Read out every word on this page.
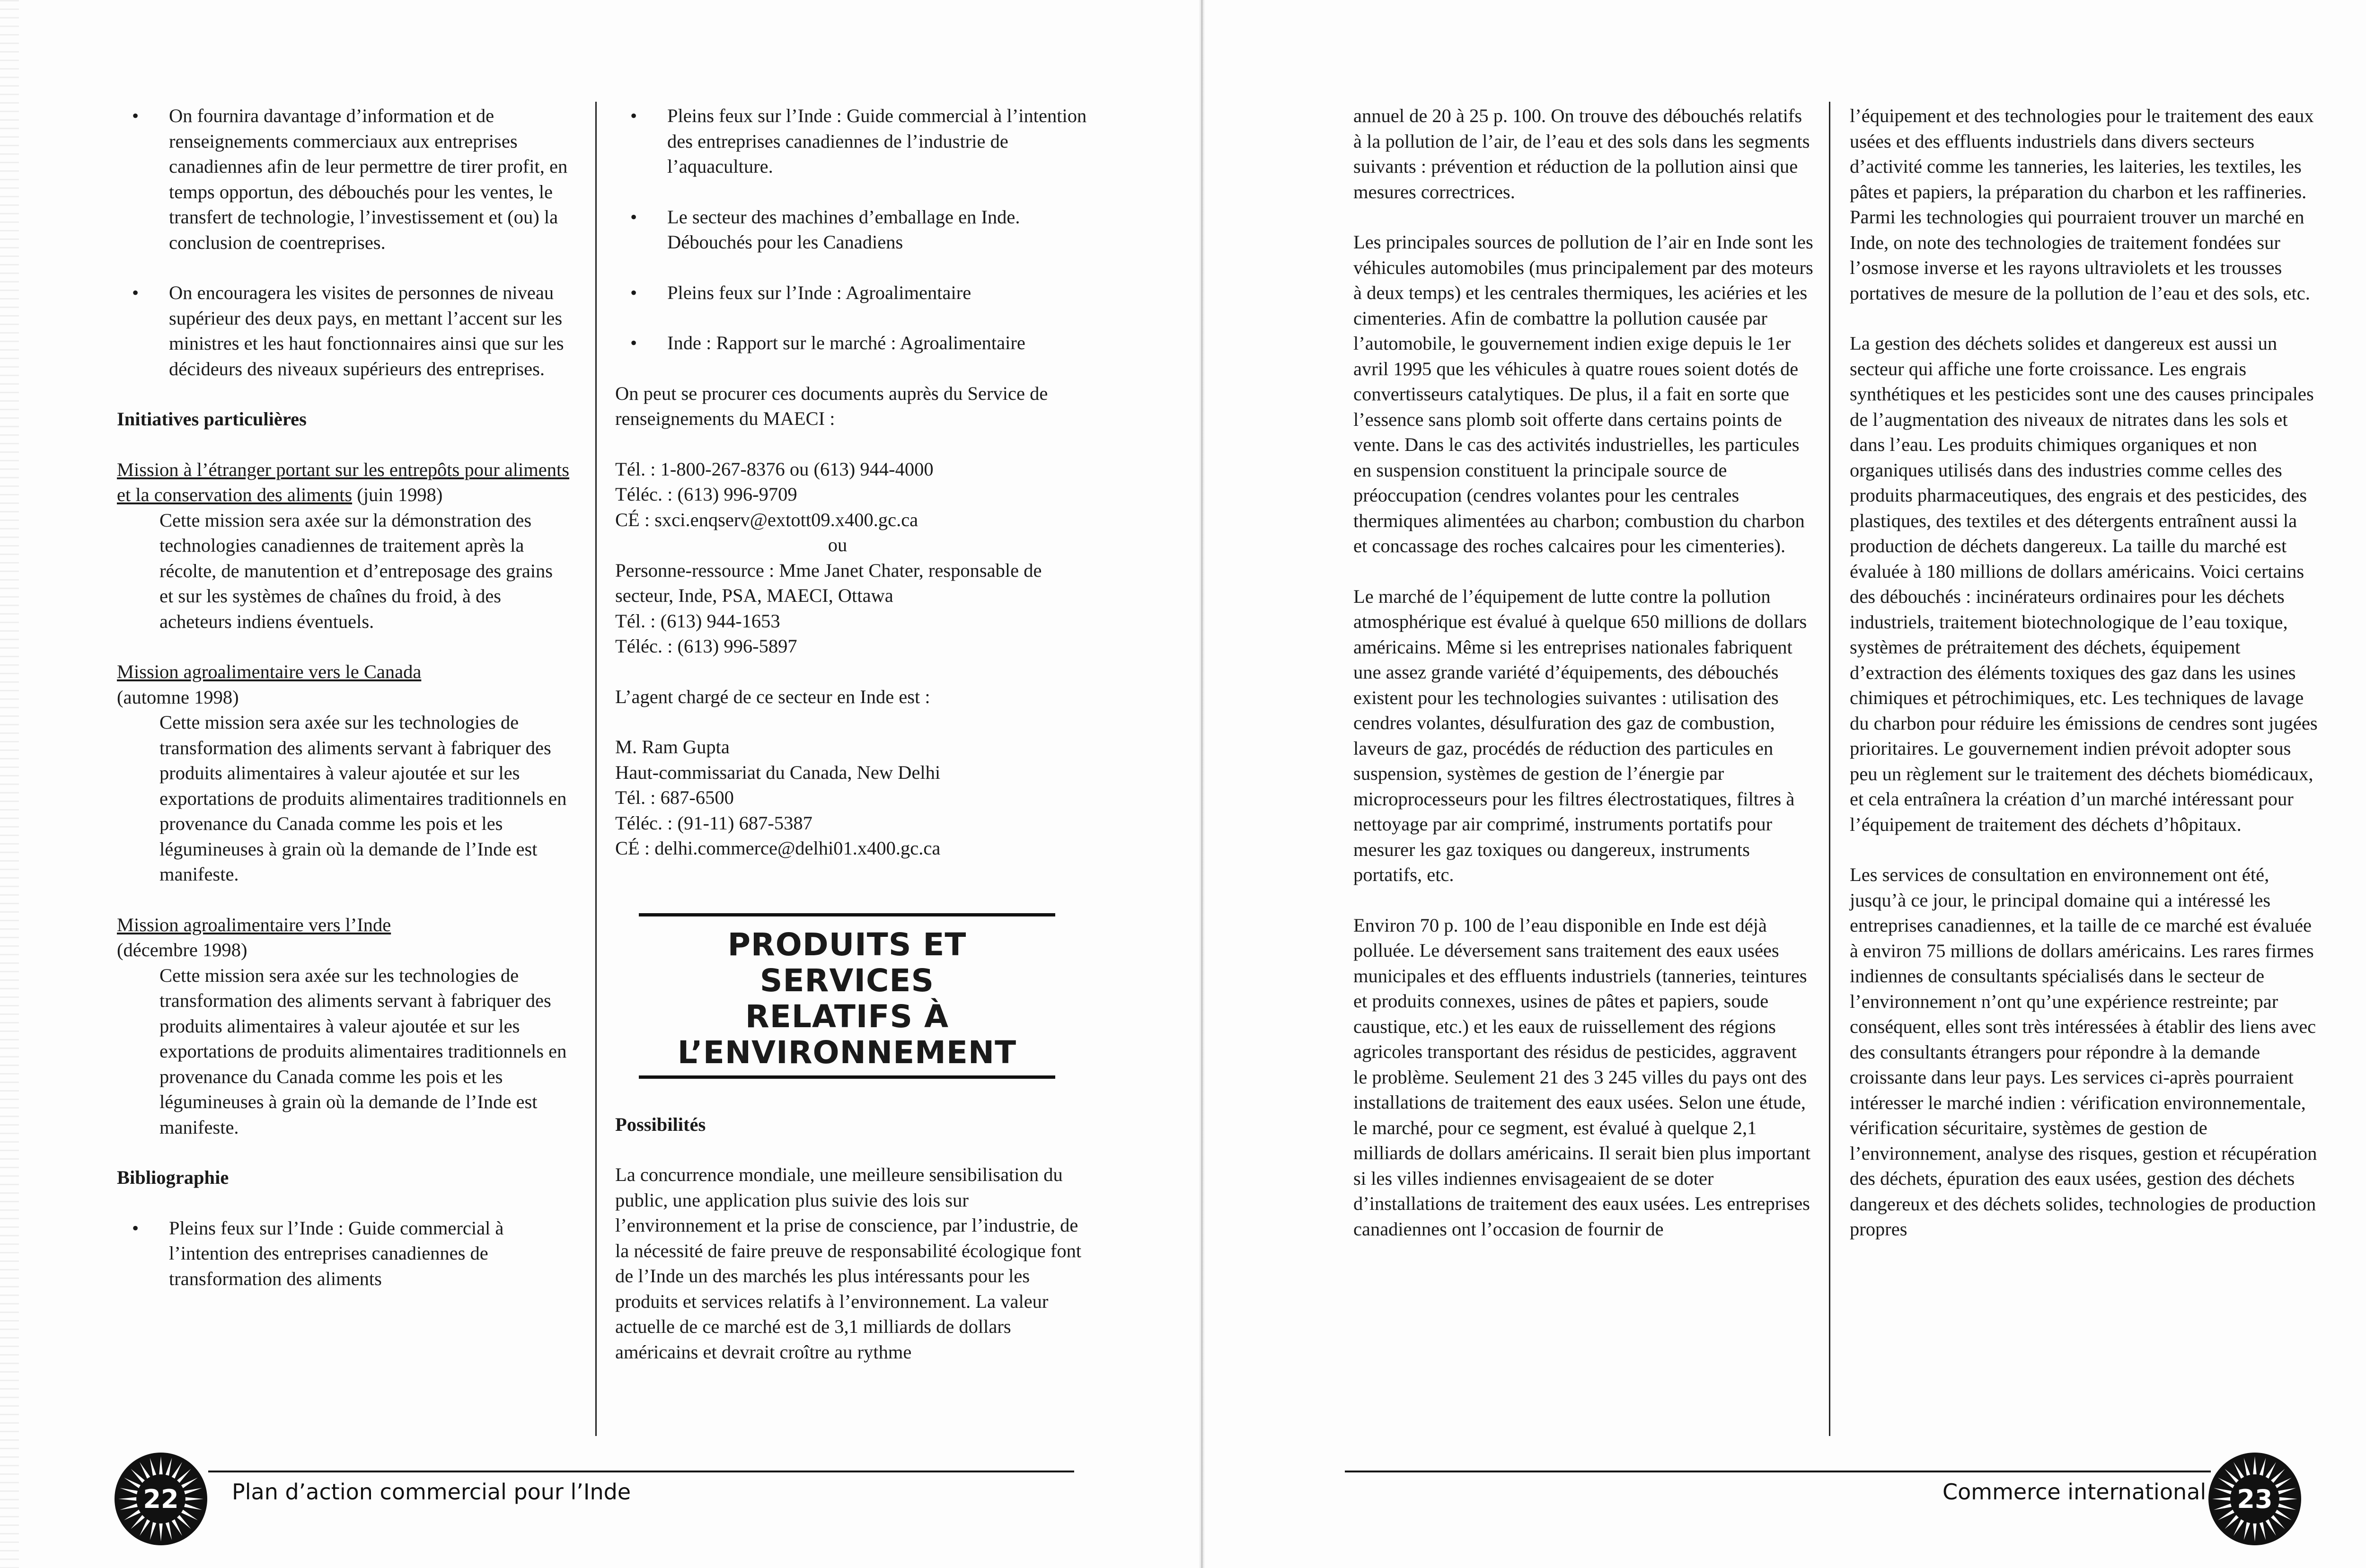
• On fournira davantage d’information et de renseignements commerciaux aux entreprises canadiennes afin de leur permettre de tirer profit, en temps opportun, des débouchés pour les ventes, le transfert de technologie, l’investissement et (ou) la conclusion de coentreprises.
• On encouragera les visites de personnes de niveau supérieur des deux pays, en mettant l’accent sur les ministres et les haut fonctionnaires ainsi que sur les décideurs des niveaux supérieurs des entreprises.
Initiatives particulières
Mission à l’étranger portant sur les entrepôts pour aliments et la conservation des aliments (juin 1998)
Cette mission sera axée sur la démonstration des technologies canadiennes de traitement après la récolte, de manutention et d’entreposage des grains et sur les systèmes de chaînes du froid, à des acheteurs indiens éventuels.
Mission agroalimentaire vers le Canada
(automne 1998)
Cette mission sera axée sur les technologies de transformation des aliments servant à fabriquer des produits alimentaires à valeur ajoutée et sur les exportations de produits alimentaires traditionnels en provenance du Canada comme les pois et les légumineuses à grain où la demande de l’Inde est manifeste.
Mission agroalimentaire vers l’Inde
(décembre 1998)
Cette mission sera axée sur les technologies de transformation des aliments servant à fabriquer des produits alimentaires à valeur ajoutée et sur les exportations de produits alimentaires traditionnels en provenance du Canada comme les pois et les légumineuses à grain où la demande de l’Inde est manifeste.
Bibliographie
• Pleins feux sur l’Inde : Guide commercial à l’intention des entreprises canadiennes de transformation des aliments
• Pleins feux sur l’Inde : Guide commercial à l’intention des entreprises canadiennes de l’industrie de l’aquaculture.
• Le secteur des machines d’emballage en Inde. Débouchés pour les Canadiens
• Pleins feux sur l’Inde : Agroalimentaire
• Inde : Rapport sur le marché : Agroalimentaire

On peut se procurer ces documents auprès du Service de renseignements du MAECI :

Tél. : 1-800-267-8376 ou (613) 944-4000
Téléc. : (613) 996-9709
CÉ : sxci.enqserv@extott09.x400.gc.ca
ou
Personne-ressource : Mme Janet Chater, responsable de secteur, Inde, PSA, MAECI, Ottawa
Tél. : (613) 944-1653
Téléc. : (613) 996-5897

L’agent chargé de ce secteur en Inde est :

M. Ram Gupta
Haut-commissariat du Canada, New Delhi
Tél. : 687-6500
Téléc. : (91-11) 687-5387
CÉ : delhi.commerce@delhi01.x400.gc.ca
PRODUITS ET SERVICES
RELATIFS À
L’ENVIRONNEMENT
Possibilités

La concurrence mondiale, une meilleure sensibilisation du public, une application plus suivie des lois sur l’environnement et la prise de conscience, par l’industrie, de la nécessité de faire preuve de responsabilité écologique font de l’Inde un des marchés les plus intéressants pour les produits et services relatifs à l’environnement. La valeur actuelle de ce marché est de 3,1 milliards de dollars américains et devrait croître au rythme

22	Plan d’action commercial pour l’Inde

annuel de 20 à 25 p. 100. On trouve des débouchés relatifs à la pollution de l’air, de l’eau et des sols dans les segments suivants : prévention et réduction de la pollution ainsi que mesures correctrices.

Les principales sources de pollution de l’air en Inde sont les véhicules automobiles (mus principalement par des moteurs à deux temps) et les centrales thermiques, les aciéries et les cimenteries. Afin de combattre la pollution causée par l’automobile, le gouvernement indien exige depuis le 1er avril 1995 que les véhicules à quatre roues soient dotés de convertisseurs catalytiques. De plus, il a fait en sorte que l’essence sans plomb soit offerte dans certains points de vente. Dans le cas des activités industrielles, les particules en suspension constituent la principale source de préoccupation (cendres volantes pour les centrales thermiques alimentées au charbon; combustion du charbon et concassage des roches calcaires pour les cimenteries).

Le marché de l’équipement de lutte contre la pollution atmosphérique est évalué à quelque 650 millions de dollars américains. Même si les entreprises nationales fabriquent une assez grande variété d’équipements, des débouchés existent pour les technologies suivantes : utilisation des cendres volantes, désulfuration des gaz de combustion, laveurs de gaz, procédés de réduction des particules en suspension, systèmes de gestion de l’énergie par microprocesseurs pour les filtres électrostatiques, filtres à nettoyage par air comprimé, instruments portatifs pour mesurer les gaz toxiques ou dangereux, instruments portatifs, etc.

Environ 70 p. 100 de l’eau disponible en Inde est déjà polluée. Le déversement sans traitement des eaux usées municipales et des effluents industriels (tanneries, teintures et produits connexes, usines de pâtes et papiers, soude caustique, etc.) et les eaux de ruissellement des régions agricoles transportant des résidus de pesticides, aggravent le problème. Seulement 21 des 3 245 villes du pays ont des installations de traitement des eaux usées. Selon une étude, le marché, pour ce segment, est évalué à quelque 2,1 milliards de dollars américains. Il serait bien plus important si les villes indiennes envisageaient de se doter d’installations de traitement des eaux usées. Les entreprises canadiennes ont l’occasion de fournir de

l’équipement et des technologies pour le traitement des eaux usées et des effluents industriels dans divers secteurs d’activité comme les tanneries, les laiteries, les textiles, les pâtes et papiers, la préparation du charbon et les raffineries. Parmi les technologies qui pourraient trouver un marché en Inde, on note des technologies de traitement fondées sur l’osmose inverse et les rayons ultraviolets et les trousses portatives de mesure de la pollution de l’eau et des sols, etc.

La gestion des déchets solides et dangereux est aussi un secteur qui affiche une forte croissance. Les engrais synthétiques et les pesticides sont une des causes principales de l’augmentation des niveaux de nitrates dans les sols et dans l’eau. Les produits chimiques organiques et non organiques utilisés dans des industries comme celles des produits pharmaceutiques, des engrais et des pesticides, des plastiques, des textiles et des détergents entraînent aussi la production de déchets dangereux. La taille du marché est évaluée à 180 millions de dollars américains. Voici certains des débouchés : incinérateurs ordinaires pour les déchets industriels, traitement biotechnologique de l’eau toxique, systèmes de prétraitement des déchets, équipement d’extraction des éléments toxiques des gaz dans les usines chimiques et pétrochimiques, etc. Les techniques de lavage du charbon pour réduire les émissions de cendres sont jugées prioritaires. Le gouvernement indien prévoit adopter sous peu un règlement sur le traitement des déchets biomédicaux, et cela entraînera la création d’un marché intéressant pour l’équipement de traitement des déchets d’hôpitaux.

Les services de consultation en environnement ont été, jusqu’à ce jour, le principal domaine qui a intéressé les entreprises canadiennes, et la taille de ce marché est évaluée à environ 75 millions de dollars américains. Les rares firmes indiennes de consultants spécialisés dans le secteur de l’environnement n’ont qu’une expérience restreinte; par conséquent, elles sont très intéressées à établir des liens avec des consultants étrangers pour répondre à la demande croissante dans leur pays. Les services ci-après pourraient intéresser le marché indien : vérification environnementale, vérification sécuritaire, systèmes de gestion de l’environnement, analyse des risques, gestion et récupération des déchets, épuration des eaux usées, gestion des déchets dangereux et des déchets solides, technologies de production propres

Commerce international	23
